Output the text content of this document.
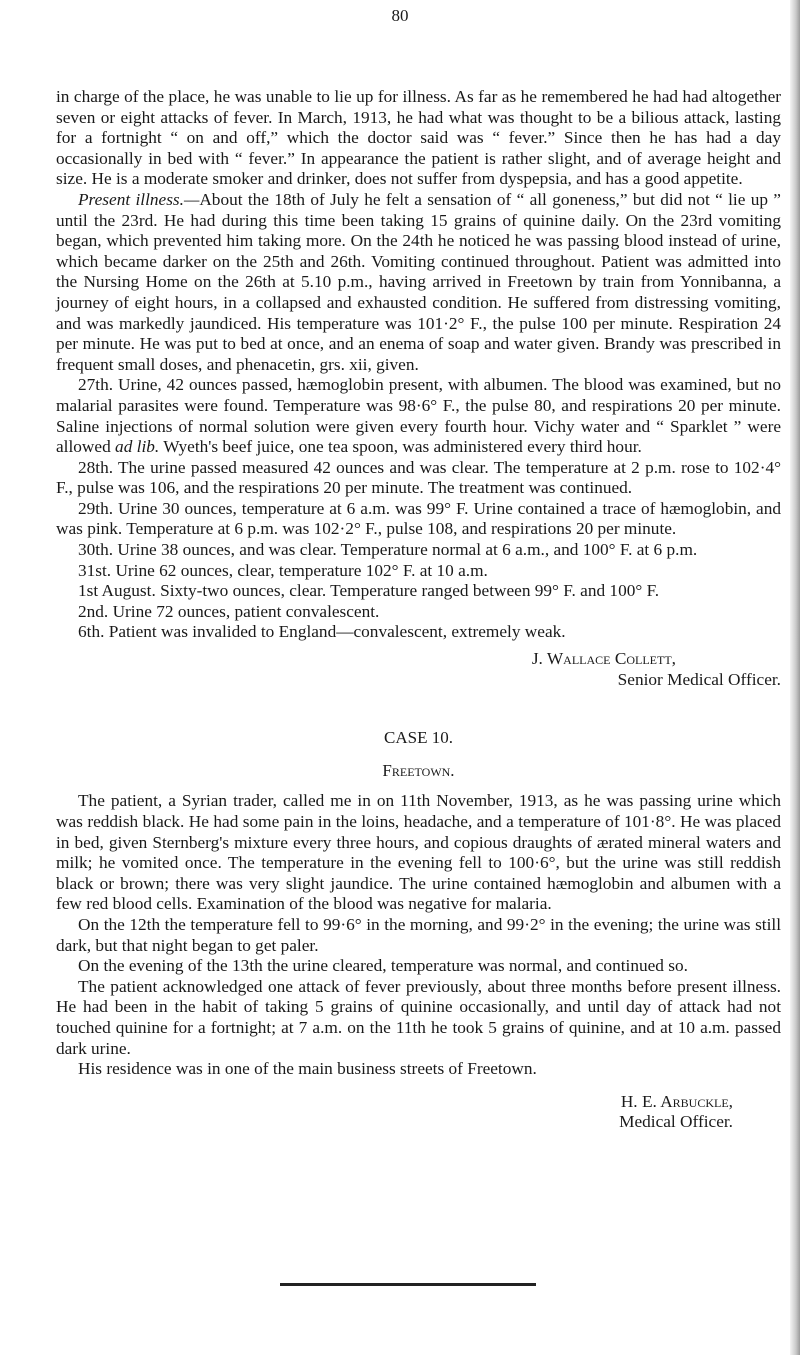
80

in charge of the place, he was unable to lie up for illness. As far as he remembered he had had altogether seven or eight attacks of fever. In March, 1913, he had what was thought to be a bilious attack, lasting for a fortnight “ on and off,” which the doctor said was “ fever.” Since then he has had a day occasionally in bed with “ fever.” In appearance the patient is rather slight, and of average height and size. He is a moderate smoker and drinker, does not suffer from dyspepsia, and has a good appetite.

Present illness.—About the 18th of July he felt a sensation of “ all goneness,” but did not “ lie up ” until the 23rd. He had during this time been taking 15 grains of quinine daily. On the 23rd vomiting began, which prevented him taking more. On the 24th he noticed he was passing blood instead of urine, which became darker on the 25th and 26th. Vomiting continued throughout. Patient was admitted into the Nursing Home on the 26th at 5.10 p.m., having arrived in Freetown by train from Yonnibanna, a journey of eight hours, in a collapsed and exhausted condition. He suffered from distressing vomiting, and was markedly jaundiced. His temperature was 101·2° F., the pulse 100 per minute. Respiration 24 per minute. He was put to bed at once, and an enema of soap and water given. Brandy was prescribed in frequent small doses, and phenacetin, grs. xii, given.

27th. Urine, 42 ounces passed, hæmoglobin present, with albumen. The blood was examined, but no malarial parasites were found. Temperature was 98·6° F., the pulse 80, and respirations 20 per minute. Saline injections of normal solution were given every fourth hour. Vichy water and “ Sparklet ” were allowed ad lib. Wyeth's beef juice, one tea spoon, was administered every third hour.

28th. The urine passed measured 42 ounces and was clear. The temperature at 2 p.m. rose to 102·4° F., pulse was 106, and the respirations 20 per minute. The treatment was continued.

29th. Urine 30 ounces, temperature at 6 a.m. was 99° F. Urine contained a trace of hæmoglobin, and was pink. Temperature at 6 p.m. was 102·2° F., pulse 108, and respirations 20 per minute.

30th. Urine 38 ounces, and was clear. Temperature normal at 6 a.m., and 100° F. at 6 p.m.

31st. Urine 62 ounces, clear, temperature 102° F. at 10 a.m.

1st August. Sixty-two ounces, clear. Temperature ranged between 99° F. and 100° F.

2nd. Urine 72 ounces, patient convalescent.

6th. Patient was invalided to England—convalescent, extremely weak.

J. Wallace Collett,
Senior Medical Officer.
CASE 10.
Freetown.

The patient, a Syrian trader, called me in on 11th November, 1913, as he was passing urine which was reddish black. He had some pain in the loins, headache, and a temperature of 101·8°. He was placed in bed, given Sternberg's mixture every three hours, and copious draughts of ærated mineral waters and milk; he vomited once. The temperature in the evening fell to 100·6°, but the urine was still reddish black or brown; there was very slight jaundice. The urine contained hæmoglobin and albumen with a few red blood cells. Examination of the blood was negative for malaria.

On the 12th the temperature fell to 99·6° in the morning, and 99·2° in the evening; the urine was still dark, but that night began to get paler.

On the evening of the 13th the urine cleared, temperature was normal, and continued so.

The patient acknowledged one attack of fever previously, about three months before present illness. He had been in the habit of taking 5 grains of quinine occasionally, and until day of attack had not touched quinine for a fortnight; at 7 a.m. on the 11th he took 5 grains of quinine, and at 10 a.m. passed dark urine.

His residence was in one of the main business streets of Freetown.

H. E. Arbuckle,
Medical Officer.
